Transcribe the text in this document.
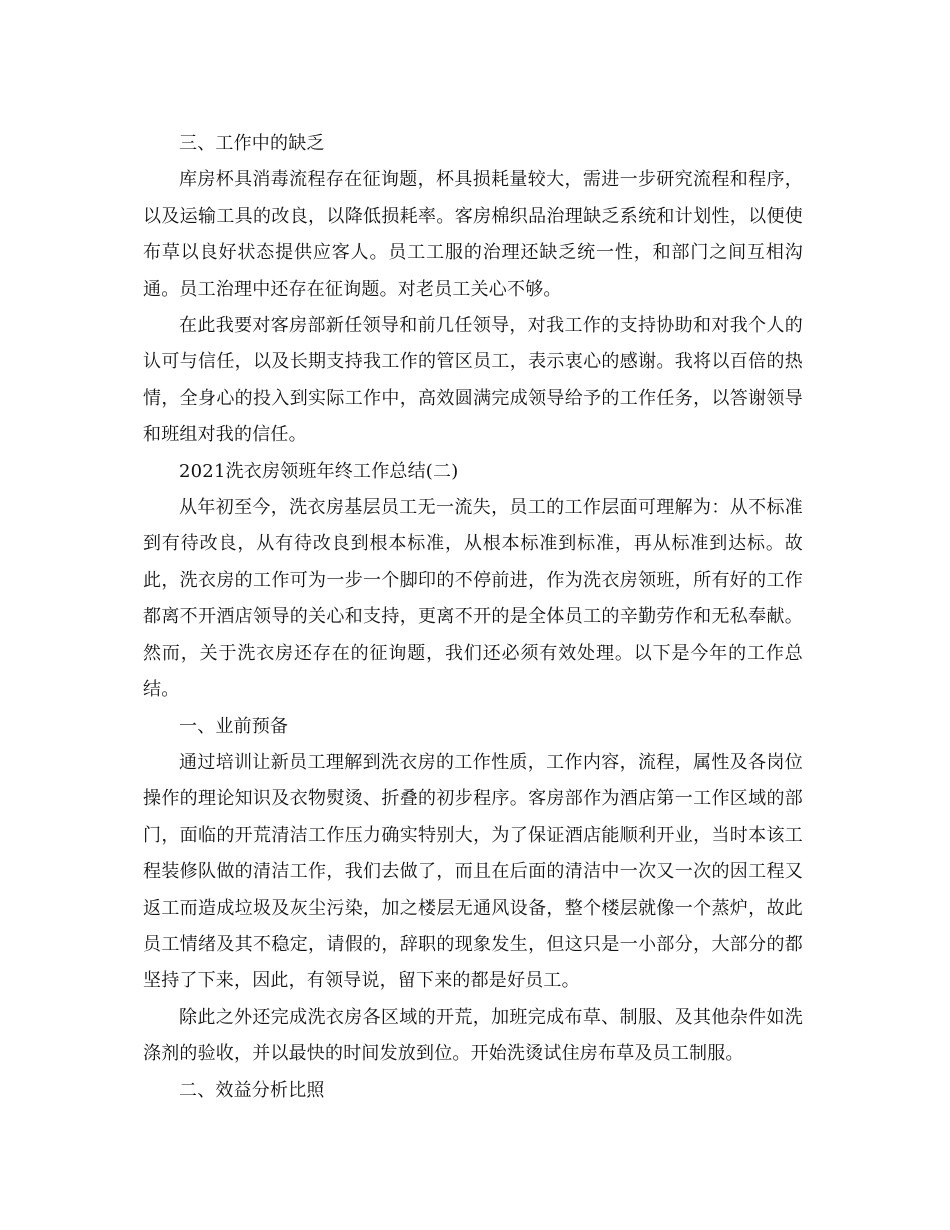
三、工作中的缺乏

库房杯具消毒流程存在征询题，杯具损耗量较大，需进一步研究流程和程序，以及运输工具的改良，以降低损耗率。客房棉织品治理缺乏系统和计划性，以便使布草以良好状态提供应客人。员工工服的治理还缺乏统一性，和部门之间互相沟通。员工治理中还存在征询题。对老员工关心不够。

在此我要对客房部新任领导和前几任领导，对我工作的支持协助和对我个人的认可与信任，以及长期支持我工作的管区员工，表示衷心的感谢。我将以百倍的热情，全身心的投入到实际工作中，高效圆满完成领导给予的工作任务，以答谢领导和班组对我的信任。

2021洗衣房领班年终工作总结(二)

从年初至今，洗衣房基层员工无一流失，员工的工作层面可理解为：从不标准到有待改良，从有待改良到根本标准，从根本标准到标准，再从标准到达标。故此，洗衣房的工作可为一步一个脚印的不停前进，作为洗衣房领班，所有好的工作都离不开酒店领导的关心和支持，更离不开的是全体员工的辛勤劳作和无私奉献。然而，关于洗衣房还存在的征询题，我们还必须有效处理。以下是今年的工作总结。

一、业前预备

通过培训让新员工理解到洗衣房的工作性质，工作内容，流程，属性及各岗位操作的理论知识及衣物熨烫、折叠的初步程序。客房部作为酒店第一工作区域的部门，面临的开荒清洁工作压力确实特别大，为了保证酒店能顺利开业，当时本该工程装修队做的清洁工作，我们去做了，而且在后面的清洁中一次又一次的因工程又返工而造成垃圾及灰尘污染，加之楼层无通风设备，整个楼层就像一个蒸炉，故此员工情绪及其不稳定，请假的，辞职的现象发生，但这只是一小部分，大部分的都坚持了下来，因此，有领导说，留下来的都是好员工。

除此之外还完成洗衣房各区域的开荒，加班完成布草、制服、及其他杂件如洗涤剂的验收，并以最快的时间发放到位。开始洗烫试住房布草及员工制服。

二、效益分析比照
